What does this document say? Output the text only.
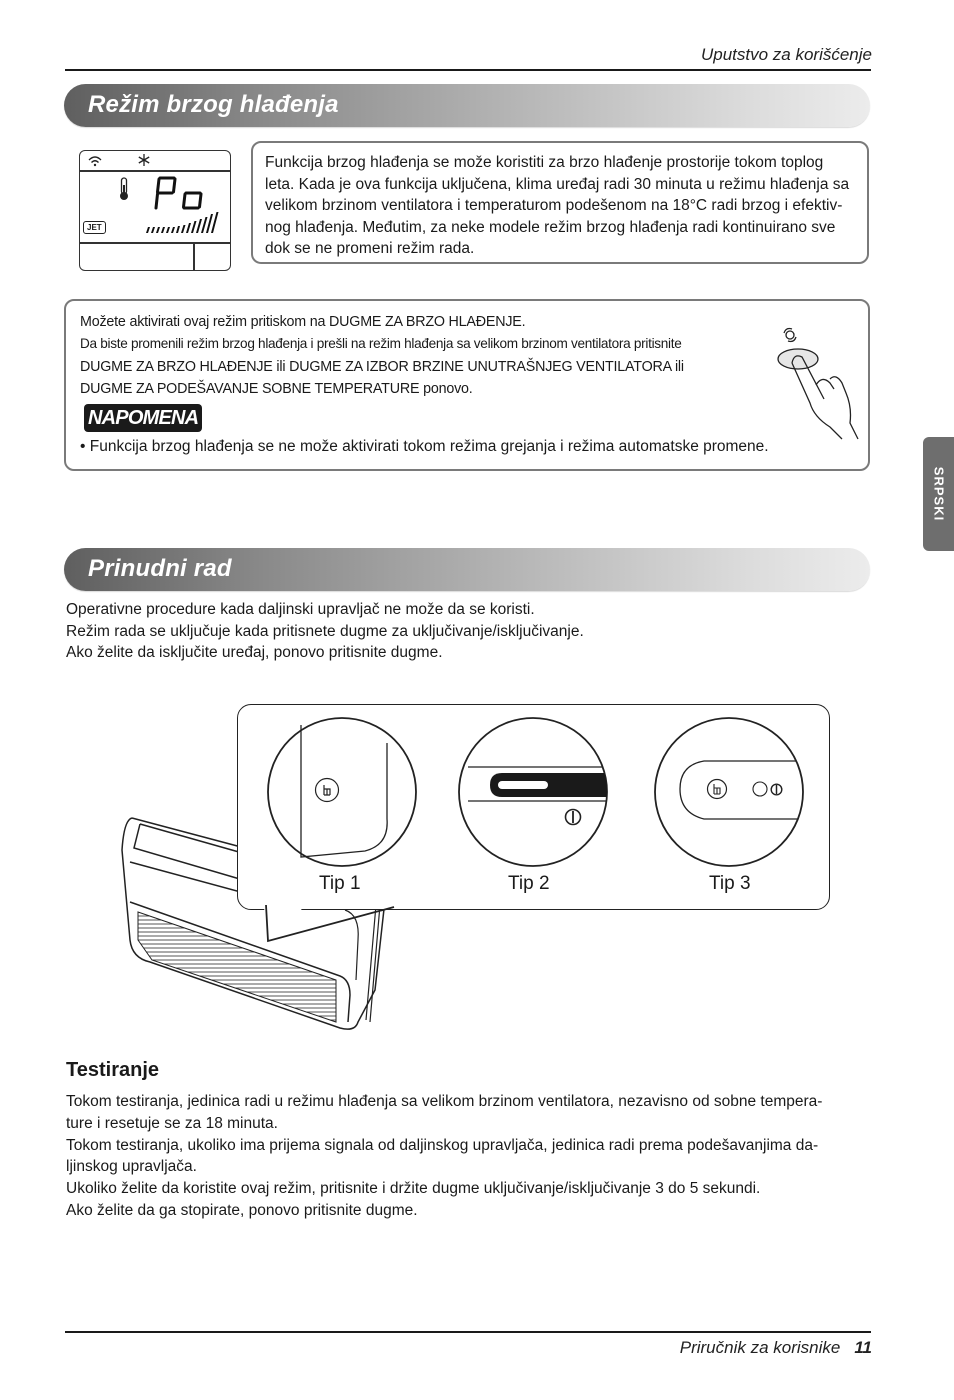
Uputstvo za korišćenje
Režim brzog hlađenja
JET

Funkcija brzog hlađenja se može koristiti za brzo hlađenje prostorije tokom toplog
leta. Kada je ova funkcija uključena, klima uređaj radi 30 minuta u režimu hlađenja sa
velikom brzinom ventilatora i temperaturom podešenom na 18°C radi brzog i efektiv-
nog hlađenja. Međutim, za neke modele režim brzog hlađenja radi kontinuirano sve
dok se ne promeni režim rada.

Možete aktivirati ovaj režim pritiskom na DUGME ZA BRZO HLAĐENJE.
Da biste promenili režim brzog hlađenja i prešli na režim hlađenja sa velikom brzinom ventilatora pritisnite
DUGME ZA BRZO HLAĐENJE ili DUGME ZA IZBOR BRZINE UNUTRAŠNJEG VENTILATORA ili
DUGME ZA PODEŠAVANJE SOBNE TEMPERATURE ponovo.
NAPOMENA
• Funkcija brzog hlađenja se ne može aktivirati tokom režima grejanja i režima automatske promene.
SRPSKI
Prinudni rad
Operativne procedure kada daljinski upravljač ne može da se koristi.
Režim rada se uključuje kada pritisnete dugme za uključivanje/isključivanje.
Ako želite da isključite uređaj, ponovo pritisnite dugme.
Tip 1	Tip 2	Tip 3
Testiranje
Tokom testiranja, jedinica radi u režimu hlađenja sa velikom brzinom ventilatora, nezavisno od sobne tempera-
ture i resetuje se za 18 minuta.
Tokom testiranja, ukoliko ima prijema signala od daljinskog upravljača, jedinica radi prema podešavanjima da-
ljinskog upravljača.
Ukoliko želite da koristite ovaj režim, pritisnite i držite dugme uključivanje/isključivanje 3 do 5 sekundi.
Ako želite da ga stopirate, ponovo pritisnite dugme.
Priručnik za korisnike 11
